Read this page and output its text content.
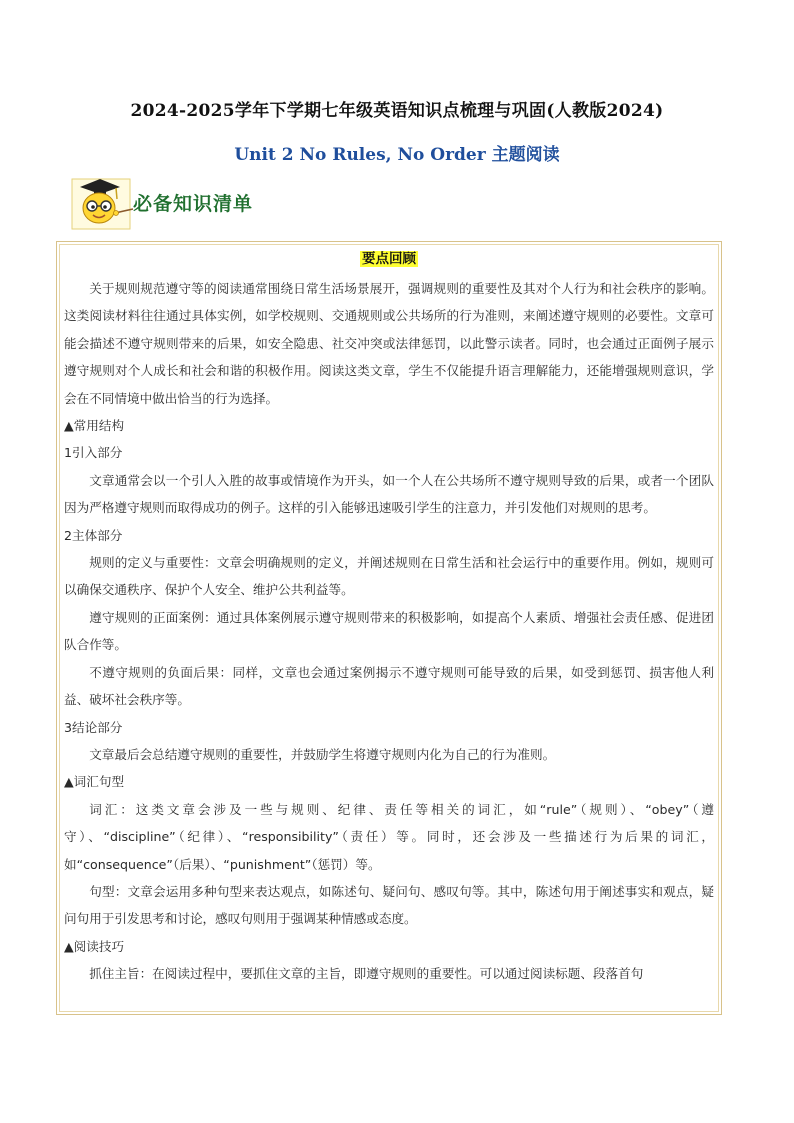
2024-2025学年下学期七年级英语知识点梳理与巩固(人教版2024)
Unit 2 No Rules, No Order 主题阅读
必备知识清单
要点回顾

关于规则规范遵守等的阅读通常围绕日常生活场景展开，强调规则的重要性及其对个人行为和社会秩序的影响。这类阅读材料往往通过具体实例，如学校规则、交通规则或公共场所的行为准则，来阐述遵守规则的必要性。文章可能会描述不遵守规则带来的后果，如安全隐患、社交冲突或法律惩罚，以此警示读者。同时，也会通过正面例子展示遵守规则对个人成长和社会和谐的积极作用。阅读这类文章，学生不仅能提升语言理解能力，还能增强规则意识，学会在不同情境中做出恰当的行为选择。

▲常用结构

1引入部分

文章通常会以一个引人入胜的故事或情境作为开头，如一个人在公共场所不遵守规则导致的后果，或者一个团队因为严格遵守规则而取得成功的例子。这样的引入能够迅速吸引学生的注意力，并引发他们对规则的思考。

2主体部分

规则的定义与重要性：文章会明确规则的定义，并阐述规则在日常生活和社会运行中的重要作用。例如，规则可以确保交通秩序、保护个人安全、维护公共利益等。

遵守规则的正面案例：通过具体案例展示遵守规则带来的积极影响，如提高个人素质、增强社会责任感、促进团队合作等。

不遵守规则的负面后果：同样，文章也会通过案例揭示不遵守规则可能导致的后果，如受到惩罚、损害他人利益、破坏社会秩序等。

3结论部分

文章最后会总结遵守规则的重要性，并鼓励学生将遵守规则内化为自己的行为准则。

▲词汇句型

词汇：这类文章会涉及一些与规则、纪律、责任等相关的词汇，如“rule”（规则）、“obey”（遵守）、“discipline”（纪律）、“responsibility”（责任）等。同时，还会涉及一些描述行为后果的词汇，如“consequence”（后果）、“punishment”（惩罚）等。

句型：文章会运用多种句型来表达观点，如陈述句、疑问句、感叹句等。其中，陈述句用于阐述事实和观点，疑问句用于引发思考和讨论，感叹句则用于强调某种情感或态度。

▲阅读技巧

抓住主旨：在阅读过程中，要抓住文章的主旨，即遵守规则的重要性。可以通过阅读标题、段落首句
